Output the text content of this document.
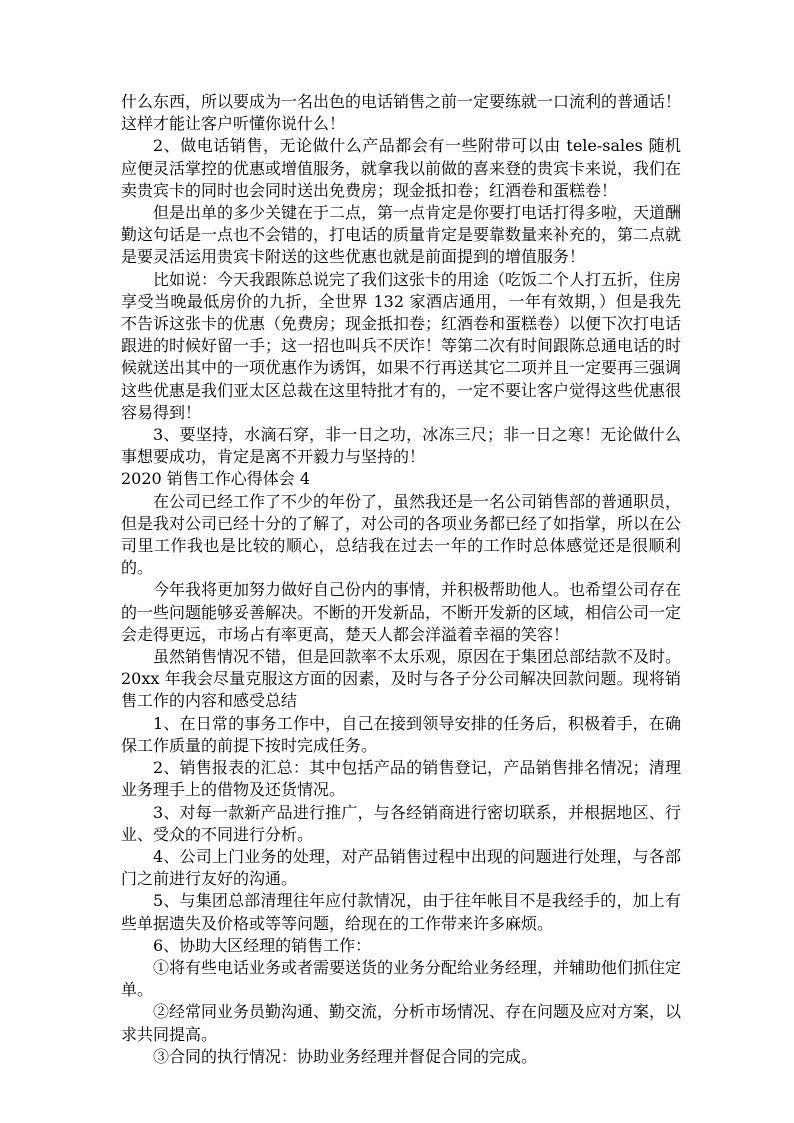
什么东西，所以要成为一名出色的电话销售之前一定要练就一口流利的普通话！这样才能让客户听懂你说什么！

2、做电话销售，无论做什么产品都会有一些附带可以由 tele-sales 随机应便灵活掌控的优惠或增值服务，就拿我以前做的喜来登的贵宾卡来说，我们在卖贵宾卡的同时也会同时送出免费房；现金抵扣卷；红酒卷和蛋糕卷！

但是出单的多少关键在于二点，第一点肯定是你要打电话打得多啦，天道酬勤这句话是一点也不会错的，打电话的质量肯定是要靠数量来补充的，第二点就是要灵活运用贵宾卡附送的这些优惠也就是前面提到的增值服务！

比如说：今天我跟陈总说完了我们这张卡的用途（吃饭二个人打五折，住房享受当晚最低房价的九折，全世界 132 家酒店通用，一年有效期，）但是我先不告诉这张卡的优惠（免费房；现金抵扣卷；红酒卷和蛋糕卷）以便下次打电话跟进的时候好留一手；这一招也叫兵不厌诈！等第二次有时间跟陈总通电话的时候就送出其中的一项优惠作为诱饵，如果不行再送其它二项并且一定要再三强调这些优惠是我们亚太区总裁在这里特批才有的，一定不要让客户觉得这些优惠很容易得到！

3、要坚持，水滴石穿，非一日之功，冰冻三尺；非一日之寒！无论做什么事想要成功，肯定是离不开毅力与坚持的！

2020 销售工作心得体会 4

在公司已经工作了不少的年份了，虽然我还是一名公司销售部的普通职员，但是我对公司已经十分的了解了，对公司的各项业务都已经了如指掌，所以在公司里工作我也是比较的顺心，总结我在过去一年的工作时总体感觉还是很顺利的。

今年我将更加努力做好自己份内的事情，并积极帮助他人。也希望公司存在的一些问题能够妥善解决。不断的开发新品，不断开发新的区域，相信公司一定会走得更远，市场占有率更高，楚天人都会洋溢着幸福的笑容！

虽然销售情况不错，但是回款率不太乐观，原因在于集团总部结款不及时。20xx 年我会尽量克服这方面的因素，及时与各子分公司解决回款问题。现将销售工作的内容和感受总结

1、在日常的事务工作中，自己在接到领导安排的任务后，积极着手，在确保工作质量的前提下按时完成任务。

2、销售报表的汇总：其中包括产品的销售登记，产品销售排名情况；清理业务理手上的借物及还货情况。

3、对每一款新产品进行推广，与各经销商进行密切联系，并根据地区、行业、受众的不同进行分析。

4、公司上门业务的处理，对产品销售过程中出现的问题进行处理，与各部门之前进行友好的沟通。

5、与集团总部清理往年应付款情况，由于往年帐目不是我经手的，加上有些单据遗失及价格或等等问题，给现在的工作带来许多麻烦。

6、协助大区经理的销售工作：

①将有些电话业务或者需要送货的业务分配给业务经理，并辅助他们抓住定单。

②经常同业务员勤沟通、勤交流，分析市场情况、存在问题及应对方案，以求共同提高。

③合同的执行情况：协助业务经理并督促合同的完成。
